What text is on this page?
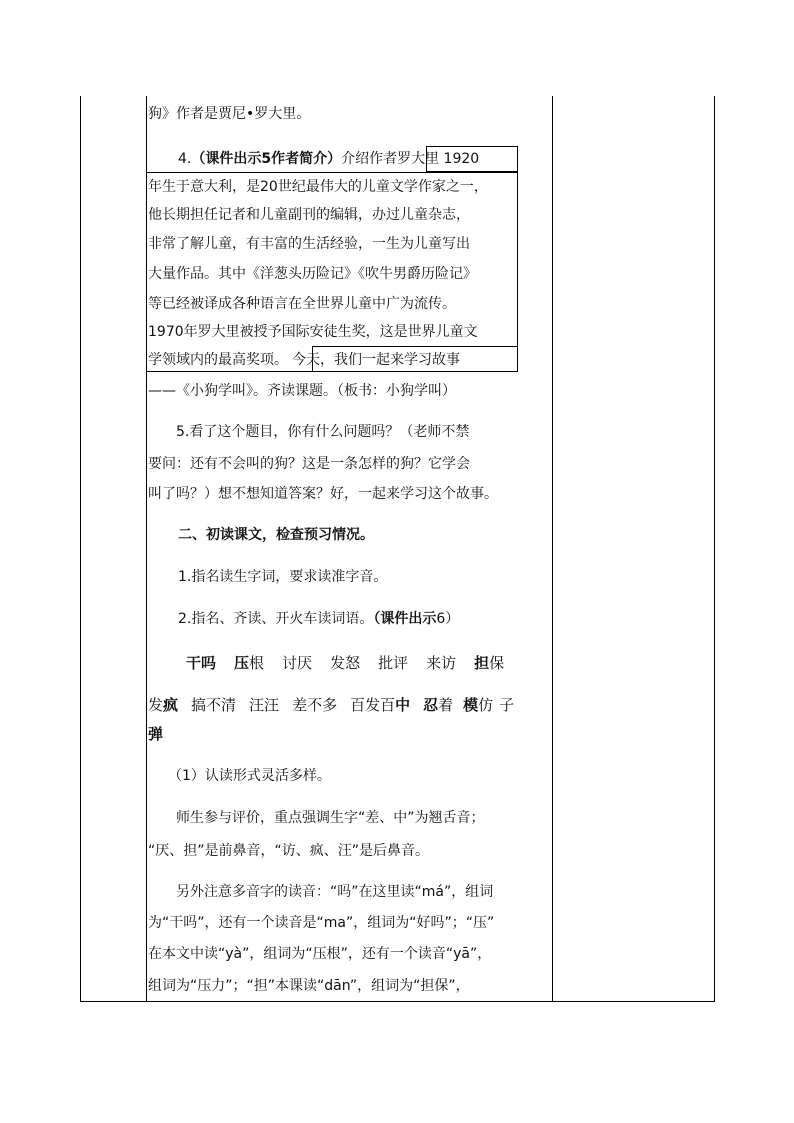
狗》作者是贾尼•罗大里。
4.（课件出示5作者简介）介绍作者罗大里 1920
年生于意大利，是20世纪最伟大的儿童文学作家之一，
他长期担任记者和儿童副刊的编辑，办过儿童杂志，
非常了解儿童，有丰富的生活经验，一生为儿童写出
大量作品。其中《洋葱头历险记》《吹牛男爵历险记》
等已经被译成各种语言在全世界儿童中广为流传。
1970年罗大里被授予国际安徒生奖，这是世界儿童文
学领域内的最高奖项。 今天，我们一起来学习故事
——《小狗学叫》。齐读课题。（板书：小狗学叫）
5.看了这个题目，你有什么问题吗？（老师不禁
要问：还有不会叫的狗？这是一条怎样的狗？它学会
叫了吗？）想不想知道答案？好，一起来学习这个故事。
二、初读课文，检查预习情况。
1.指名读生字词，要求读准字音。
2.指名、齐读、开火车读词语。（课件出示6）
干吗 压根 讨厌 发怒 批评 来访 担保
发疯 搞不清 汪汪 差不多 百发百中 忍着 模仿 子
弹
（1）认读形式灵活多样。
师生参与评价，重点强调生字“差、中”为翘舌音；
“厌、担”是前鼻音，“访、疯、汪”是后鼻音。
另外注意多音字的读音：“吗”在这里读“má”，组词
为“干吗”，还有一个读音是“ma”，组词为“好吗”；“压”
在本文中读“yà”，组词为“压根”，还有一个读音“yā”，
组词为“压力”；“担”本课读“dān”，组词为“担保”，
